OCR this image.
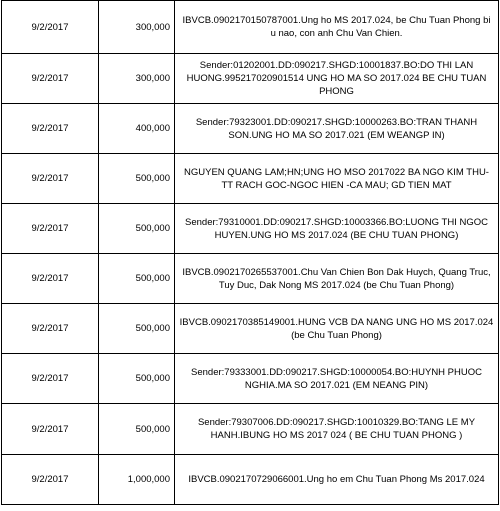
9/2/2017	300,000	IBVCB.0902170150787001.Ung ho MS 2017.024, be Chu Tuan Phong bi u nao, con anh Chu Van Chien.
9/2/2017	300,000	Sender:01202001.DD:090217.SHGD:10001837.BO:DO THI LAN HUONG.995217020901514 UNG HO MA SO 2017.024 BE CHU TUAN PHONG
9/2/2017	400,000	Sender:79323001.DD:090217.SHGD:10000263.BO:TRAN THANH SON.UNG HO MA SO 2017.021 (EM WEANGP IN)
9/2/2017	500,000	NGUYEN QUANG LAM;HN;UNG HO MSO 2017022 BA NGO KIM THU-TT RACH GOC-NGOC HIEN -CA MAU; GD TIEN MAT
9/2/2017	500,000	Sender:79310001.DD:090217.SHGD:10003366.BO:LUONG THI NGOC HUYEN.UNG HO MS 2017.024 (BE CHU TUAN PHONG)
9/2/2017	500,000	IBVCB.0902170265537001.Chu Van Chien Bon Dak Huych, Quang Truc, Tuy Duc, Dak Nong MS 2017.024 (be Chu Tuan Phong)
9/2/2017	500,000	IBVCB.0902170385149001.HUNG VCB DA NANG UNG HO MS 2017.024 (be Chu Tuan Phong)
9/2/2017	500,000	Sender:79333001.DD:090217.SHGD:10000054.BO:HUYNH PHUOC NGHIA.MA SO 2017.021 (EM NEANG PIN)
9/2/2017	500,000	Sender:79307006.DD:090217.SHGD:10010329.BO:TANG LE MY HANH.IBUNG HO MS 2017 024 ( BE CHU TUAN PHONG )
9/2/2017	1,000,000	IBVCB.0902170729066001.Ung ho em Chu Tuan Phong Ms 2017.024
